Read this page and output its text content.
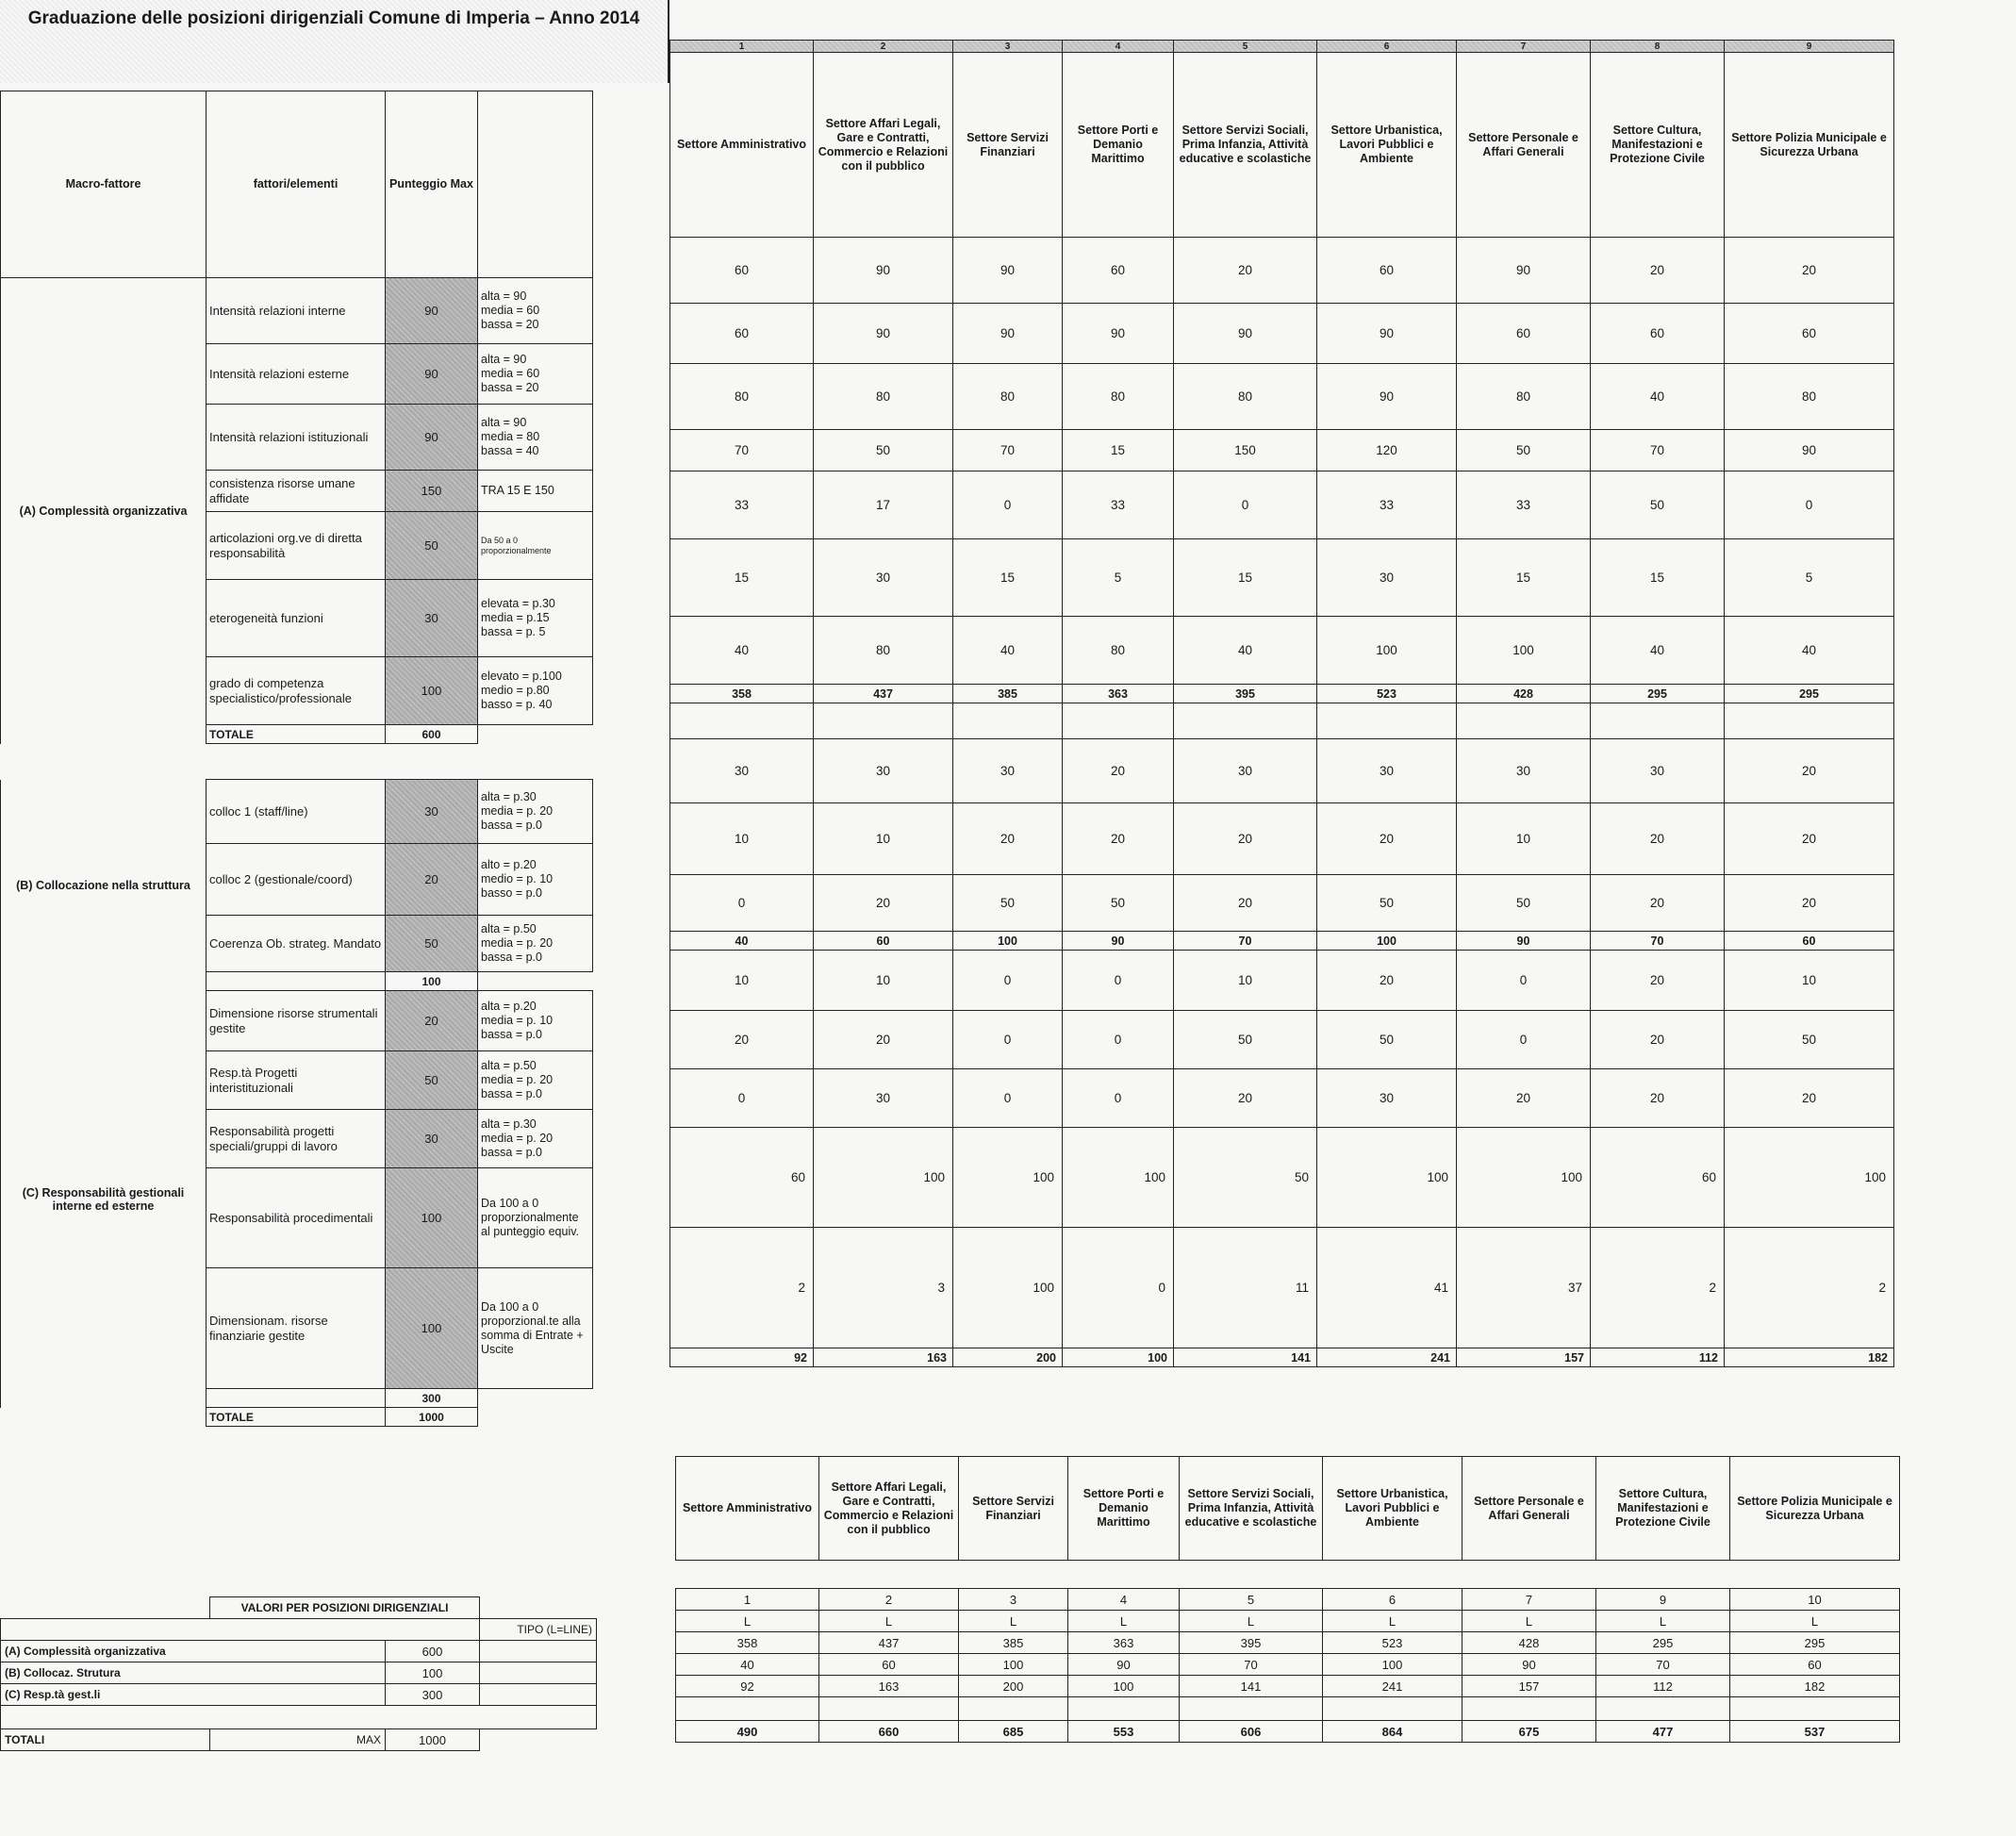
Graduazione delle posizioni dirigenziali Comune di Imperia – Anno 2014
Macro-fattore	fattori/elementi	Punteggio Max	
(A) Complessità organizzativa	Intensità relazioni interne	90	alta = 90
media = 60
bassa = 20
	Intensità relazioni esterne	90	alta = 90
media = 60
bassa = 20
	Intensità relazioni istituzionali	90	alta = 90
media = 80
bassa = 40
	consistenza risorse umane affidate	150	TRA 15 E 150
	articolazioni org.ve di diretta responsabilità	50	Da 50 a 0 proporzionalmente
	eterogeneità funzioni	30	elevata = p.30
media = p.15
bassa = p. 5
	grado di competenza specialistico/professionale	100	elevato = p.100
medio = p.80
basso = p. 40
	TOTALE	600	

(B) Collocazione nella struttura	colloc 1 (staff/line)	30	alta = p.30
media = p. 20
bassa = p.0
	colloc 2 (gestionale/coord)	20	alto = p.20
medio = p. 10
basso = p.0
	Coerenza Ob. strateg. Mandato	50	alta = p.50
media = p. 20
bassa = p.0
		100	
(C) Responsabilità gestionali interne ed esterne	Dimensione risorse strumentali gestite	20	alta = p.20
media = p. 10
bassa = p.0
	Resp.tà Progetti interistituzionali	50	alta = p.50
media = p. 20
bassa = p.0
	Responsabilità progetti speciali/gruppi di lavoro	30	alta = p.30
media = p. 20
bassa = p.0
	Responsabilità procedimentali	100	Da 100 a 0 proporzionalmente al punteggio equiv.
	Dimensionam. risorse finanziarie gestite	100	Da 100 a 0 proporzional.te alla somma di Entrate + Uscite
		300	
	TOTALE	1000	
1	2	3	4	5	6	7	8	9
Settore Amministrativo	Settore Affari Legali, Gare e Contratti, Commercio e Relazioni con il pubblico	Settore Servizi Finanziari	Settore Porti e Demanio Marittimo	Settore Servizi Sociali, Prima Infanzia, Attività educative e scolastiche	Settore Urbanistica, Lavori Pubblici e Ambiente	Settore Personale e Affari Generali	Settore Cultura, Manifestazioni e Protezione Civile	Settore Polizia Municipale e Sicurezza Urbana
60	90	90	60	20	60	90	20	20
60	90	90	90	90	90	60	60	60
80	80	80	80	80	90	80	40	80
70	50	70	15	150	120	50	70	90
33	17	0	33	0	33	33	50	0
15	30	15	5	15	30	15	15	5
40	80	40	80	40	100	100	40	40
358	437	385	363	395	523	428	295	295

30	30	30	20	30	30	30	30	20
10	10	20	20	20	20	10	20	20
0	20	50	50	20	50	50	20	20
40	60	100	90	70	100	90	70	60
10	10	0	0	10	20	0	20	10
20	20	0	0	50	50	0	20	50
0	30	0	0	20	30	20	20	20
60	100	100	100	50	100	100	60	100
2	3	100	0	11	41	37	2	2
92	163	200	100	141	241	157	112	182
Settore Amministrativo	Settore Affari Legali, Gare e Contratti, Commercio e Relazioni con il pubblico	Settore Servizi Finanziari	Settore Porti e Demanio Marittimo	Settore Servizi Sociali, Prima Infanzia, Attività educative e scolastiche	Settore Urbanistica, Lavori Pubblici e Ambiente	Settore Personale e Affari Generali	Settore Cultura, Manifestazioni e Protezione Civile	Settore Polizia Municipale e Sicurezza Urbana
	VALORI PER POSIZIONI DIRIGENZIALI		
			TIPO (L=LINE)
(A) Complessità organizzativa		600	
(B) Collocaz. Strutura		100	
(C) Resp.tà gest.li		300	

TOTALI	MAX	1000	
1	2	3	4	5	6	7	9	10
L	L	L	L	L	L	L	L	L
358	437	385	363	395	523	428	295	295
40	60	100	90	70	100	90	70	60
92	163	200	100	141	241	157	112	182

490	660	685	553	606	864	675	477	537
